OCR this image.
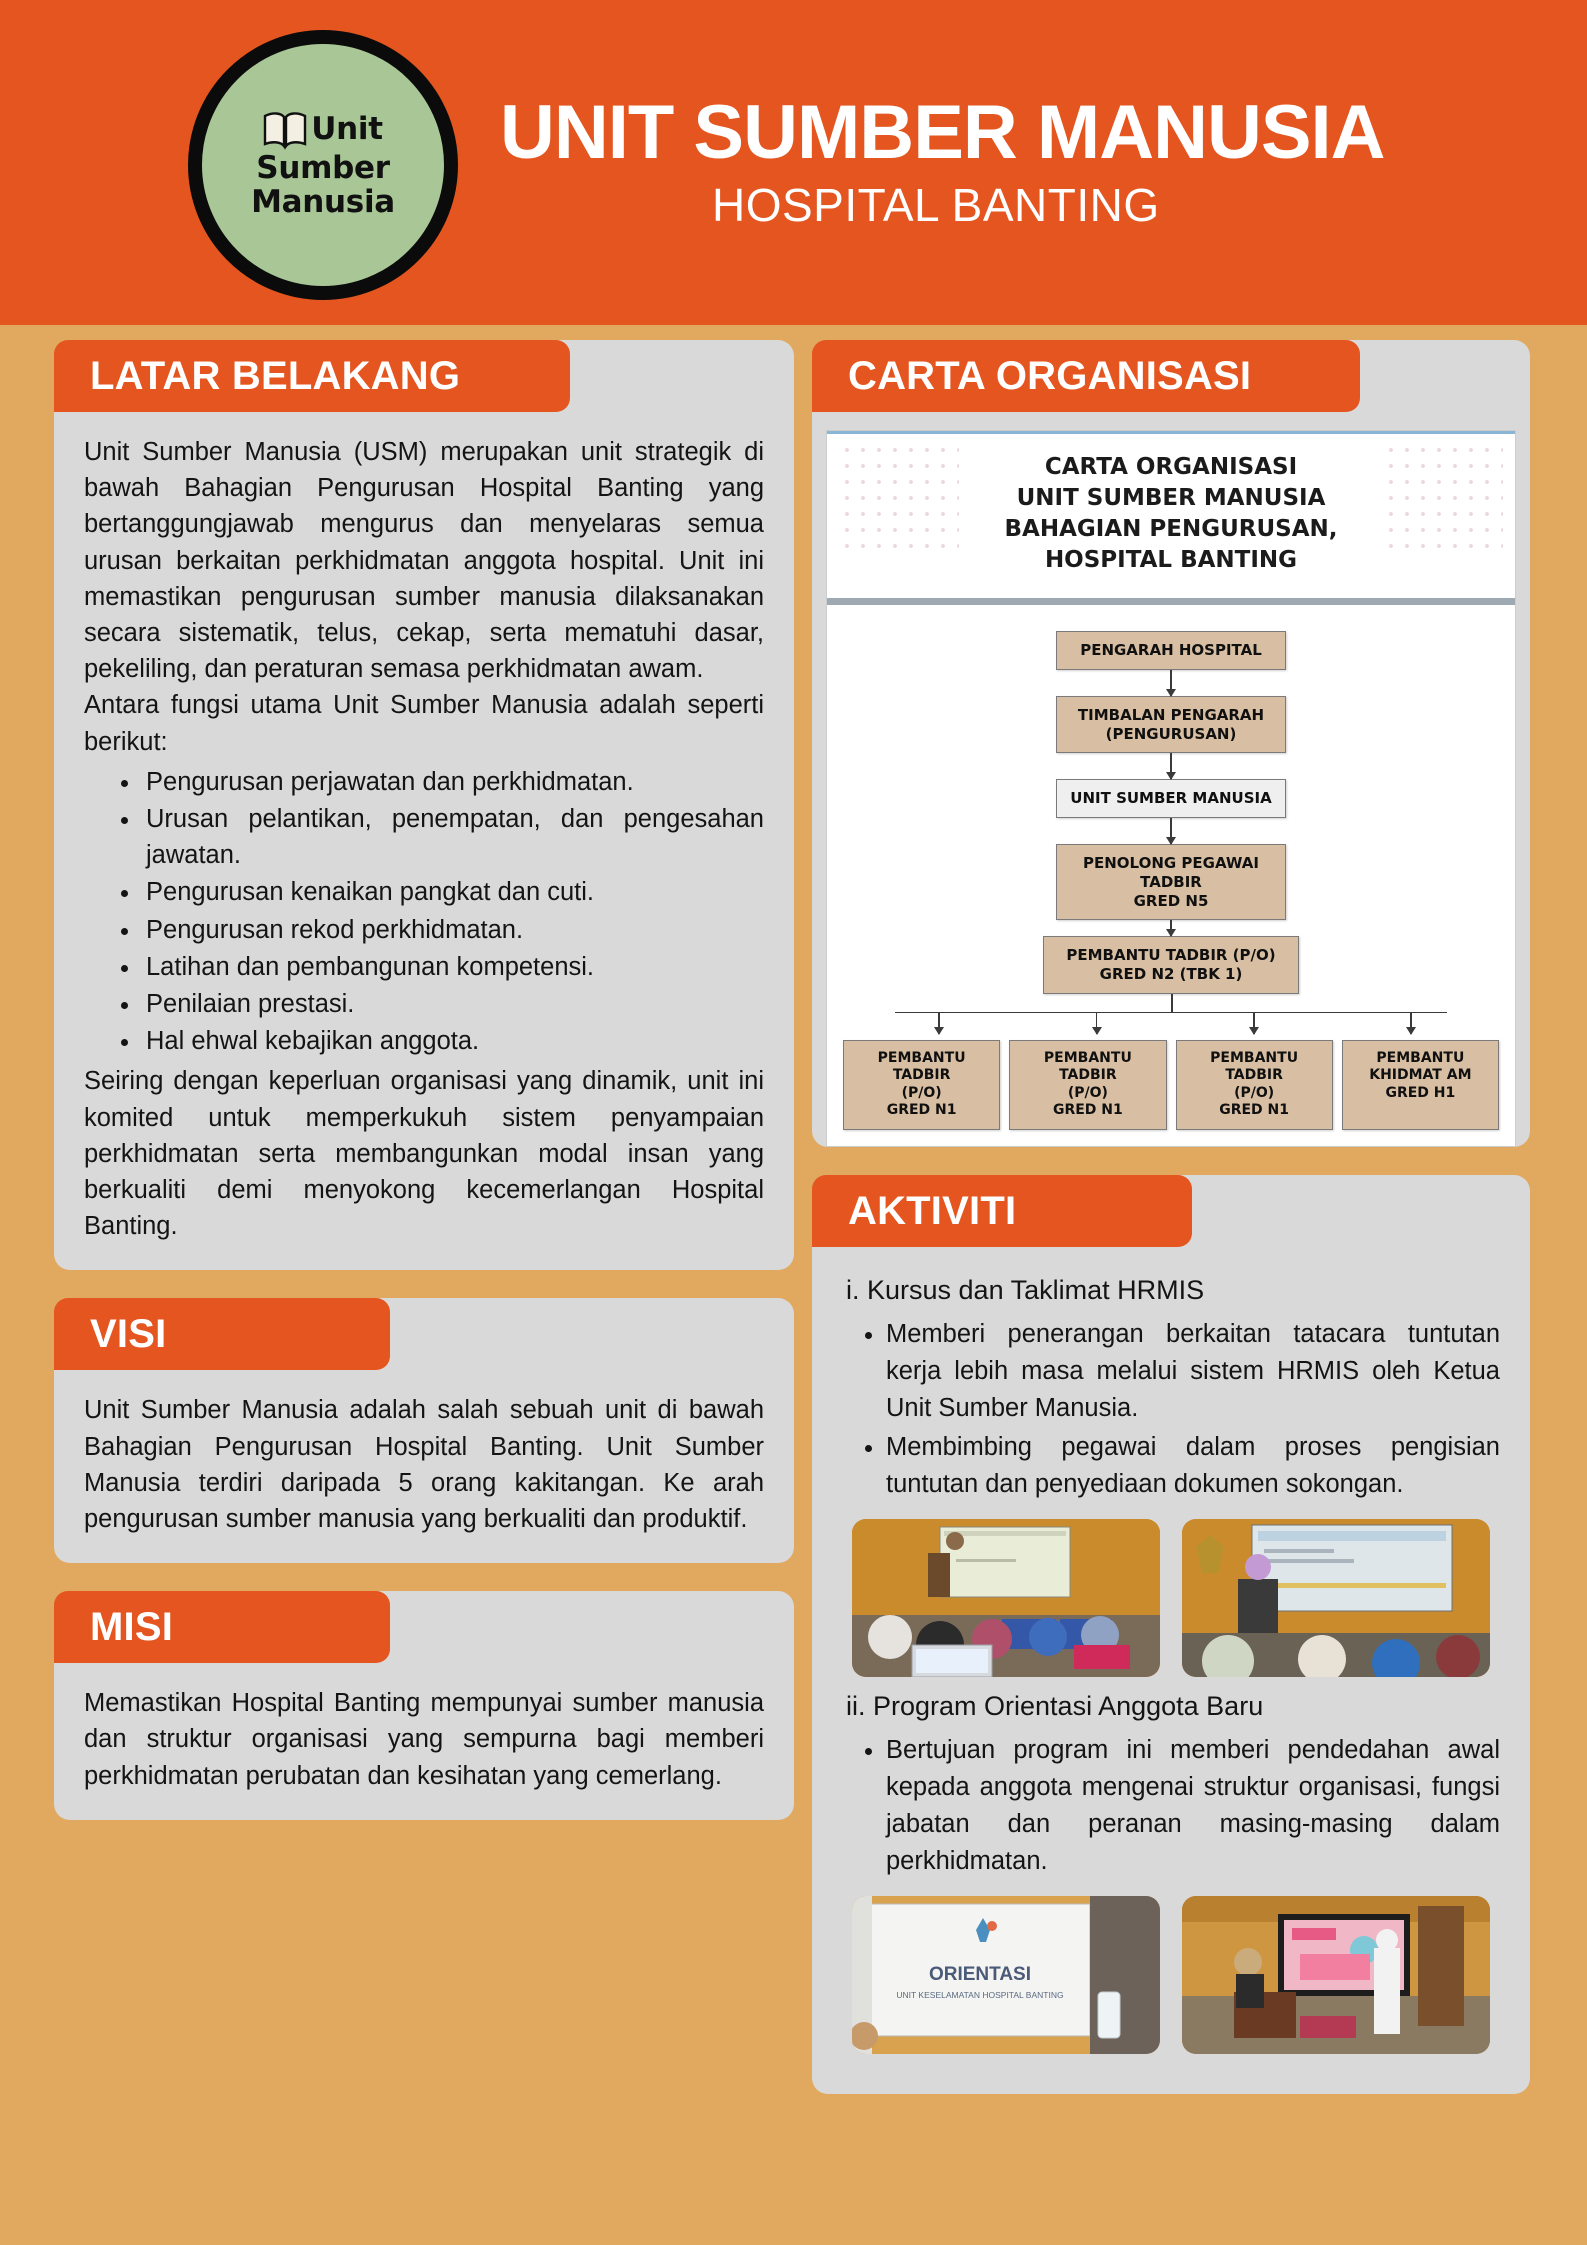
Unit
Sumber
Manusia
UNIT SUMBER MANUSIA
HOSPITAL BANTING
LATAR BELAKANG

Unit Sumber Manusia (USM) merupakan unit strategik di bawah Bahagian Pengurusan Hospital Banting yang bertanggungjawab mengurus dan menyelaras semua urusan berkaitan perkhidmatan anggota hospital. Unit ini memastikan pengurusan sumber manusia dilaksanakan secara sistematik, telus, cekap, serta mematuhi dasar, pekeliling, dan peraturan semasa perkhidmatan awam.

Antara fungsi utama Unit Sumber Manusia adalah seperti berikut:

• Pengurusan perjawatan dan perkhidmatan.
• Urusan pelantikan, penempatan, dan pengesahan jawatan.
• Pengurusan kenaikan pangkat dan cuti.
• Pengurusan rekod perkhidmatan.
• Latihan dan pembangunan kompetensi.
• Penilaian prestasi.
• Hal ehwal kebajikan anggota.

Seiring dengan keperluan organisasi yang dinamik, unit ini komited untuk memperkukuh sistem penyampaian perkhidmatan serta membangunkan modal insan yang berkualiti demi menyokong kecemerlangan Hospital Banting.

VISI

Unit Sumber Manusia adalah salah sebuah unit di bawah Bahagian Pengurusan Hospital Banting. Unit Sumber Manusia terdiri daripada 5 orang kakitangan. Ke arah pengurusan sumber manusia yang berkualiti dan produktif.

MISI

Memastikan Hospital Banting mempunyai sumber manusia dan struktur organisasi yang sempurna bagi memberi perkhidmatan perubatan dan kesihatan yang cemerlang.

CARTA ORGANISASI
CARTA ORGANISASI
UNIT SUMBER MANUSIA
BAHAGIAN PENGURUSAN,
HOSPITAL BANTING
PENGARAH HOSPITAL
TIMBALAN PENGARAH
(PENGURUSAN)
UNIT SUMBER MANUSIA
PENOLONG PEGAWAI
TADBIR
GRED N5
PEMBANTU TADBIR (P/O)
GRED N2 (TBK 1)
PEMBANTU TADBIR
(P/O)
GRED N1
PEMBANTU TADBIR
(P/O)
GRED N1
PEMBANTU TADBIR
(P/O)
GRED N1
PEMBANTU
KHIDMAT AM
GRED H1
AKTIVITI
i. Kursus dan Taklimat HRMIS
• Memberi penerangan berkaitan tatacara tuntutan kerja lebih masa melalui sistem HRMIS oleh Ketua Unit Sumber Manusia.
• Membimbing pegawai dalam proses pengisian tuntutan dan penyediaan dokumen sokongan.
ii. Program Orientasi Anggota Baru
• Bertujuan program ini memberi pendedahan awal kepada anggota mengenai struktur organisasi, fungsi jabatan dan peranan masing-masing dalam perkhidmatan.
ORIENTASI
UNIT KESELAMATAN HOSPITAL BANTING
